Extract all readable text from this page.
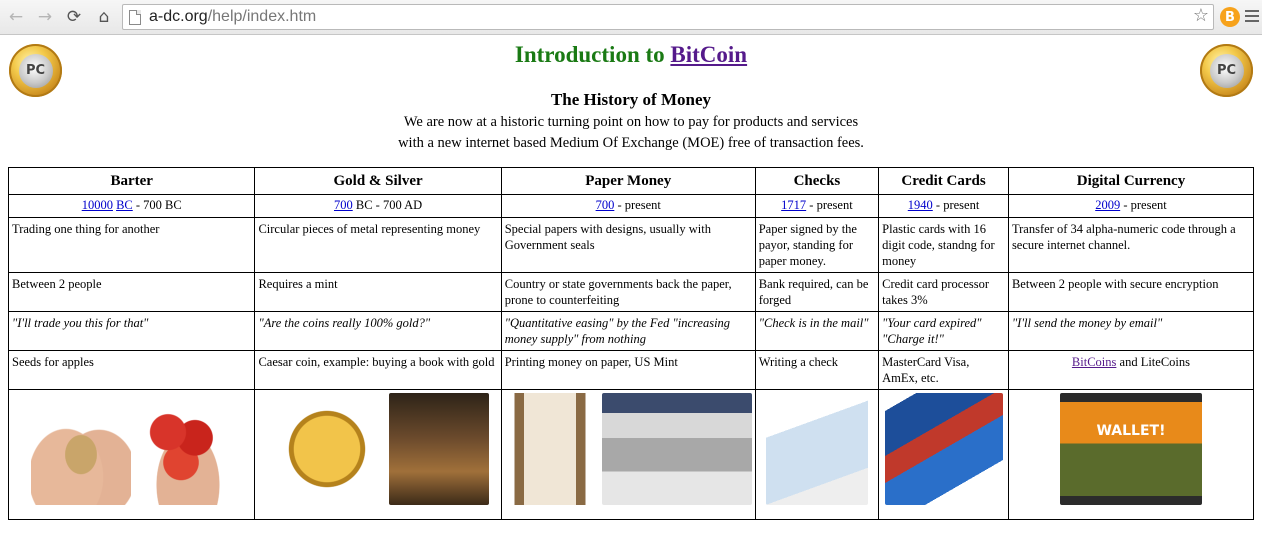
← → ⟳	⌂	a-dc.org/help/index.htm	☆	B
PC	PC
Introduction to BitCoin
The History of Money
We are now at a historic turning point on how to pay for products and services
with a new internet based Medium Of Exchange (MOE) free of transaction fees.
Barter	Gold & Silver	Paper Money	Checks	Credit Cards	Digital Currency
10000 BC - 700 BC	700 BC - 700 AD	700 - present	1717 - present	1940 - present	2009 - present
Trading one thing for another	Circular pieces of metal representing money	Special papers with designs, usually with Government seals	Paper signed by the payor, standing for paper money.	Plastic cards with 16 digit code, standng for money	Transfer of 34 alpha-numeric code through a secure internet channel.
Between 2 people	Requires a mint	Country or state governments back the paper, prone to counterfeiting	Bank required, can be forged	Credit card processor takes 3%	Between 2 people with secure encryption
"I'll trade you this for that"	"Are the coins really 100% gold?"	"Quantitative easing" by the Fed "increasing money supply" from nothing	"Check is in the mail"	"Your card expired" "Charge it!"	"I'll send the money by email"
Seeds for apples	Caesar coin, example: buying a book with gold	Printing money on paper, US Mint	Writing a check	MasterCard Visa, AmEx, etc.	BitCoins and LiteCoins

					WALLET!
